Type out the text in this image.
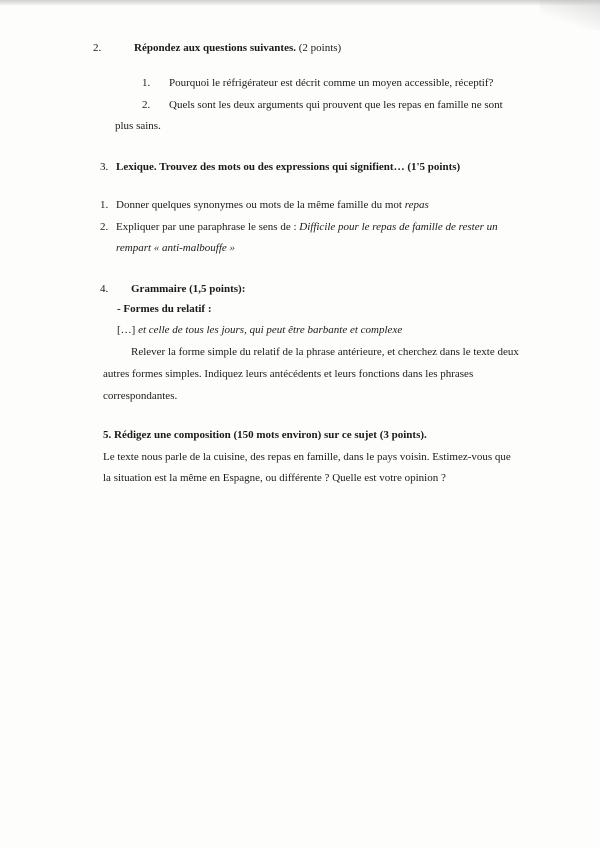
2.	Répondez aux questions suivantes. (2 points)
1. Pourquoi le réfrigérateur est décrit comme un moyen accessible, réceptif?
2. Quels sont les deux arguments qui prouvent que les repas en famille ne sont
plus sains.
3. Lexique. Trouvez des mots ou des expressions qui signifient… (1'5 points)
1. Donner quelques synonymes ou mots de la même famille du mot repas
2. Expliquer par une paraphrase le sens de : Difficile pour le repas de famille de rester un
rempart « anti-malbouffe »
4. Grammaire (1,5 points):
- Formes du relatif :
[…] et celle de tous les jours, qui peut être barbante et complexe
Relever la forme simple du relatif de la phrase antérieure, et cherchez dans le texte deux
autres formes simples. Indiquez leurs antécédents et leurs fonctions dans les phrases
correspondantes.
5. Rédigez une composition (150 mots environ) sur ce sujet (3 points).
Le texte nous parle de la cuisine, des repas en famille, dans le pays voisin. Estimez-vous que
la situation est la même en Espagne, ou différente ? Quelle est votre opinion ?
